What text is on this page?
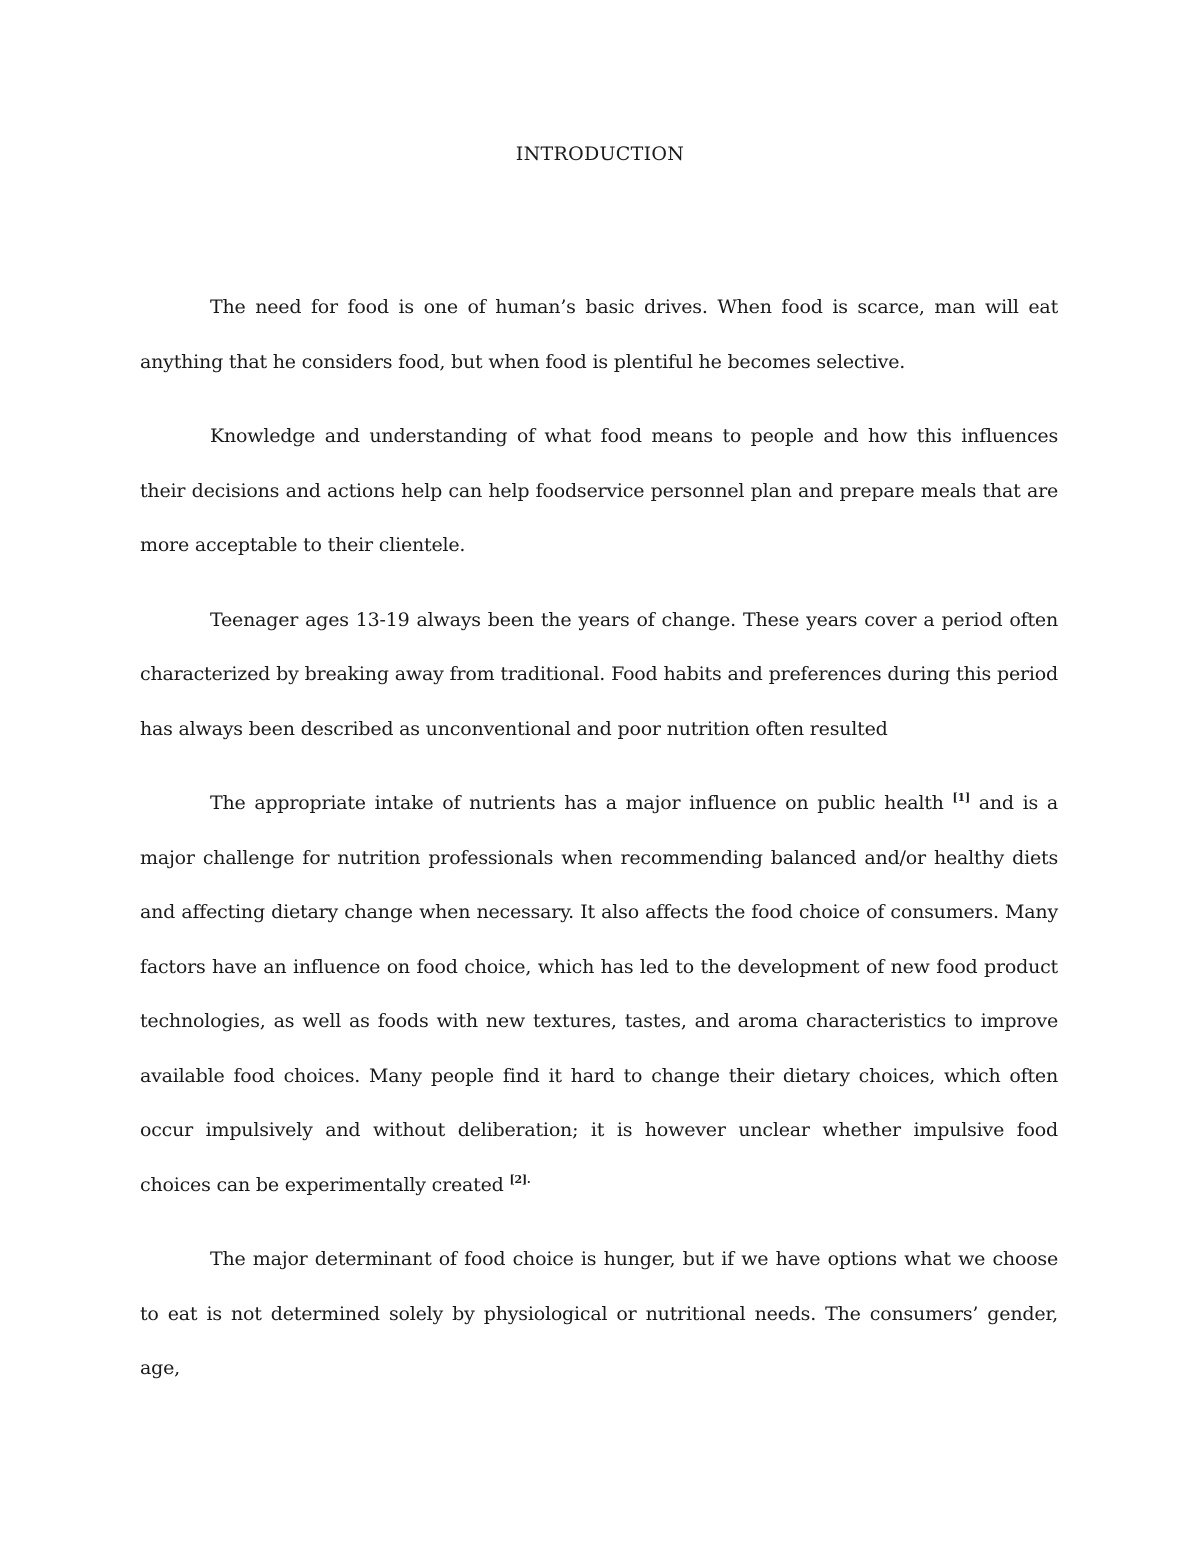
INTRODUCTION

The need for food is one of human’s basic drives. When food is scarce, man will eat anything that he considers food, but when food is plentiful he becomes selective.

Knowledge and understanding of what food means to people and how this influences their decisions and actions help can help foodservice personnel plan and prepare meals that are more acceptable to their clientele.

Teenager ages 13-19 always been the years of change. These years cover a period often characterized by breaking away from traditional. Food habits and preferences during this period has always been described as unconventional and poor nutrition often resulted

The appropriate intake of nutrients has a major influence on public health [1] and is a major challenge for nutrition professionals when recommending balanced and/or healthy diets and affecting dietary change when necessary. It also affects the food choice of consumers. Many factors have an influence on food choice, which has led to the development of new food product technologies, as well as foods with new textures, tastes, and aroma characteristics to improve available food choices. Many people find it hard to change their dietary choices, which often occur impulsively and without deliberation; it is however unclear whether impulsive food choices can be experimentally created $^{[2].}$

The major determinant of food choice is hunger, but if we have options what we choose to eat is not determined solely by physiological or nutritional needs. The consumers’ gender, age,
